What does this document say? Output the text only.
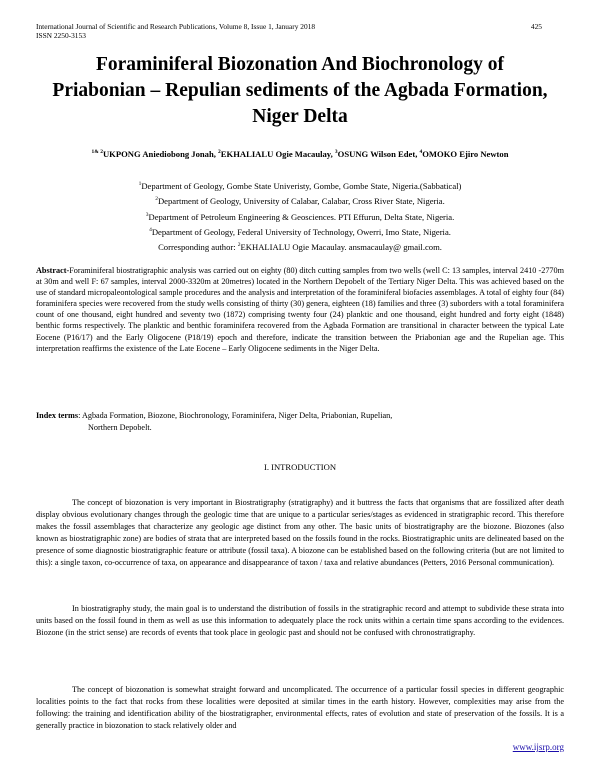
International Journal of Scientific and Research Publications, Volume 8, Issue 1, January 2018
ISSN 2250-3153
425
Foraminiferal Biozonation And Biochronology of Priabonian – Repulian sediments of the Agbada Formation, Niger Delta
$^{1\& 2}$UKPONG Aniediobong Jonah, $^2$EKHALIALU Ogie Macaulay, $^3$OSUNG Wilson Edet, $^4$OMOKO Ejiro Newton
$^1$Department of Geology, Gombe State Univeristy, Gombe, Gombe State, Nigeria.(Sabbatical)
$^2$Department of Geology, University of Calabar, Calabar, Cross River State, Nigeria.
$^3$Department of Petroleum Engineering & Geosciences. PTI Effurun, Delta State, Nigeria.
$^4$Department of Geology, Federal University of Technology, Owerri, Imo State, Nigeria.
Corresponding author: $^2$EKHALIALU Ogie Macaulay. ansmacaulay@ gmail.com.
Abstract-Foraminiferal biostratigraphic analysis was carried out on eighty (80) ditch cutting samples from two wells (well C: 13 samples, interval 2410 -2770m at 30m and well F: 67 samples, interval 2000-3320m at 20metres) located in the Northern Depobelt of the Tertiary Niger Delta. This was achieved based on the use of standard micropaleontological sample procedures and the analysis and interpretation of the foraminiferal biofacies assemblages. A total of eighty four (84) foraminifera species were recovered from the study wells consisting of thirty (30) genera, eighteen (18) families and three (3) suborders with a total foraminifera count of one thousand, eight hundred and seventy two (1872) comprising twenty four (24) planktic and one thousand, eight hundred and forty eight (1848) benthic forms respectively. The planktic and benthic foraminifera recovered from the Agbada Formation are transitional in character between the typical Late Eocene (P16/17) and the Early Oligocene (P18/19) epoch and therefore, indicate the transition between the Priabonian age and the Rupelian age. This interpretation reaffirms the existence of the Late Eocene – Early Oligocene sediments in the Niger Delta.
Index terms: Agbada Formation, Biozone, Biochronology, Foraminifera, Niger Delta, Priabonian, Rupelian,
Northern Depobelt.
I. INTRODUCTION

The concept of biozonation is very important in Biostratigraphy (stratigraphy) and it buttress the facts that organisms that are fossilized after death display obvious evolutionary changes through the geologic time that are unique to a particular series/stages as evidenced in stratigraphic record. This therefore makes the fossil assemblages that characterize any geologic age distinct from any other. The basic units of biostratigraphy are the biozone. Biozones (also known as biostratigraphic zone) are bodies of strata that are interpreted based on the fossils found in the rocks. Biostratigraphic units are delineated based on the presence of some diagnostic biostratigraphic feature or attribute (fossil taxa). A biozone can be established based on the following criteria (but are not limited to this): a single taxon, co-occurrence of taxa, on appearance and disappearance of taxon / taxa and relative abundances (Petters, 2016 Personal communication).

In biostratigraphy study, the main goal is to understand the distribution of fossils in the stratigraphic record and attempt to subdivide these strata into units based on the fossil found in them as well as use this information to adequately place the rock units within a certain time spans according to the evidences. Biozone (in the strict sense) are records of events that took place in geologic past and should not be confused with chronostratigraphy.

The concept of biozonation is somewhat straight forward and uncomplicated. The occurrence of a particular fossil species in different geographic localities points to the fact that rocks from these localities were deposited at similar times in the earth history. However, complexities may arise from the following: the training and identification ability of the biostratigrapher, environmental effects, rates of evolution and state of preservation of the fossils. It is a generally practice in biozonation to stack relatively older and

www.ijsrp.org
